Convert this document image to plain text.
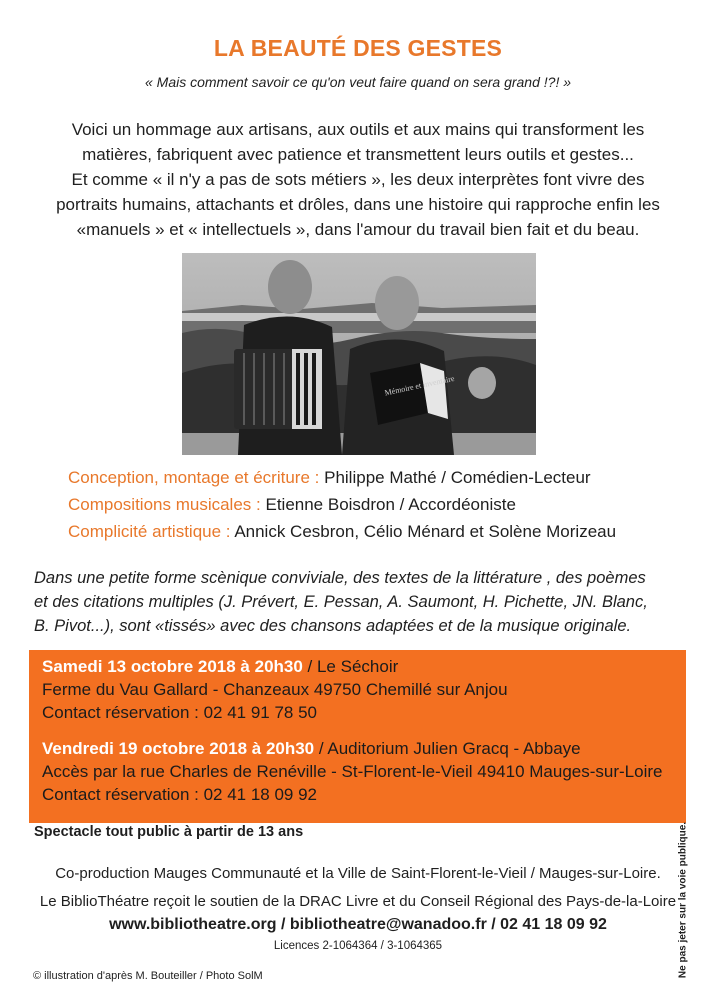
LA BEAUTÉ DES GESTES
« Mais comment savoir ce qu'on veut faire quand on sera grand !?! »
Voici un hommage aux artisans, aux outils et aux mains qui transforment les
matières, fabriquent avec patience et transmettent leurs outils et gestes...
Et comme « il n'y a pas de sots métiers », les deux interprètes font vivre des
portraits humains, attachants et drôles, dans une histoire qui rapproche enfin les
«manuels » et « intellectuels », dans l'amour du travail bien fait et du beau.
Mémoire et inventaire
Conception, montage et écriture : Philippe Mathé / Comédien-Lecteur
Compositions musicales : Etienne Boisdron / Accordéoniste
Complicité artistique : Annick Cesbron, Célio Ménard et Solène Morizeau
Dans une petite forme scènique conviviale, des textes de la littérature , des poèmes
et des citations multiples (J. Prévert, E. Pessan, A. Saumont, H. Pichette, JN. Blanc,
B. Pivot...), sont «tissés» avec des chansons adaptées et de la musique originale.
Samedi 13 octobre 2018 à 20h30 / Le Séchoir
Ferme du Vau Gallard - Chanzeaux 49750 Chemillé sur Anjou
Contact réservation : 02 41 91 78 50
Vendredi 19 octobre 2018 à 20h30 / Auditorium Julien Gracq - Abbaye
Accès par la rue Charles de Renéville - St-Florent-le-Vieil 49410 Mauges-sur-Loire
Contact réservation : 02 41 18 09 92
Spectacle tout public à partir de 13 ans
Co-production Mauges Communauté et la Ville de Saint-Florent-le-Vieil / Mauges-sur-Loire.
Le BiblioThéatre reçoit le soutien de la DRAC Livre et du Conseil Régional des Pays-de-la-Loire
www.bibliotheatre.org / bibliotheatre@wanadoo.fr / 02 41 18 09 92
Licences 2-1064364 / 3-1064365
© illustration d'après M. Bouteiller / Photo SolM	Ne pas jeter sur la voie publique.
